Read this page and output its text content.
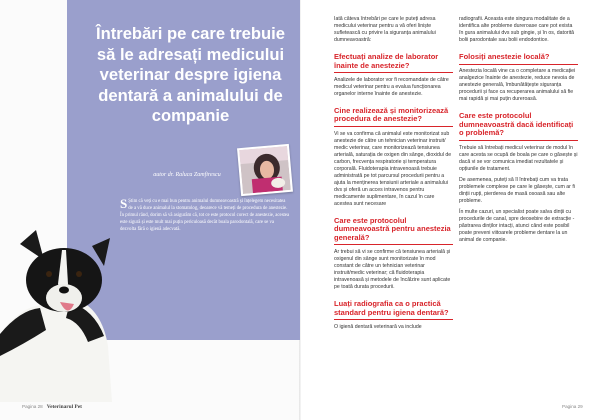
Întrebări pe care trebuie să le adresați medicului veterinar despre igiena dentară a animalului de companie
autor dr. Raluca Zamfirescu

S Știm că veți cu e mai bun pentru animalul dumneavoastră și înțelegem necesitatea de a vă duce animalul la stomatolog, deoarece vă temeți de procedura de anestezie. În primul rând, dorim să vă asigurăm că, tot ce este protocol corect de anestezie, acestea este sigură și este mult mai puțin periculoasă decât boala parodontală, care se va dezvolta fără o igienă adecvată.

Pagina 28 Veterinarul Pet	Pagina 29

Iată câteva întrebări pe care le puteți adresa medicului veterinar pentru a vă oferi liniște sufletească cu privire la siguranța animalului dumneavoastră:

Efectuați analize de laborator înainte de anestezie?

Analizele de laborator vor fi recomandate de către medicul veterinar pentru a evalua funcționarea organelor interne înainte de anestezie.

Cine realizează și monitorizează procedura de anestezie?

Vi se va confirma că animalul este monitorizat sub anestezie de către un tehnician veterinar instruit/ medic veterinar, care monitorizează tensiunea arterială, saturația de oxigen din sânge, dioxidul de carbon, frecvența respiratorie și temperatura corporală. Fluidoterapia intravenoasă trebuie administrată pe tot parcursul procedurii pentru a ajuta la menținerea tensiunii arteriale a animalului dvs și oferă un acces intravenos pentru medicamente suplimentare, în cazul în care acestea sunt necesare

Care este protocolul dumneavoastră pentru anestezia generală?

Ar trebui să vi se confirme că tensiunea arterială și oxigenul din sânge sunt monitorizate în mod constant de către un tehnician veterinar instruit/medic veterinar; că fluidoterapia intravenoasă și metodele de încălzire sunt aplicate pe toată durata procedurii.

Luați radiografia ca o practică standard pentru igiena dentară?

O igienă dentară veterinară va include

radiografii. Aceasta este singura modalitate de a identifica alte probleme dureroase care pot exista în gura animalului dvs sub gingie, și în os, datorită bolii parodontale sau bolii endodontice.

Folosiți anestezie locală?

Anestezia locală vine ca o completare a medicației analgezice înainte de anestezie, reduce nevoia de anestezie generală, îmbunătățește siguranța procedurii și face ca recuperarea animalului să fie mai rapidă și mai puțin dureroasă.

Care este protocolul dumneavoastră dacă identificați o problemă?

Trebuie să întrebați medicul veterinar de modul în care acesta se ocupă de boala pe care o găsește și dacă vi se vor comunica imediat rezultatele și opțiunile de tratament.

De asemenea, puteți să îl întrebați cum va trata problemele complexe pe care le găsește, cum ar fi dinții rupți, pierderea de masă osoasă sau alte probleme.

În multe cazuri, un specialist poate salva dinții cu procedurile de canal, spre deosebire de extracție - păstrarea dinților intacți, atunci când este posibil poate preveni viitoarele probleme dentare la un animal de companie.
